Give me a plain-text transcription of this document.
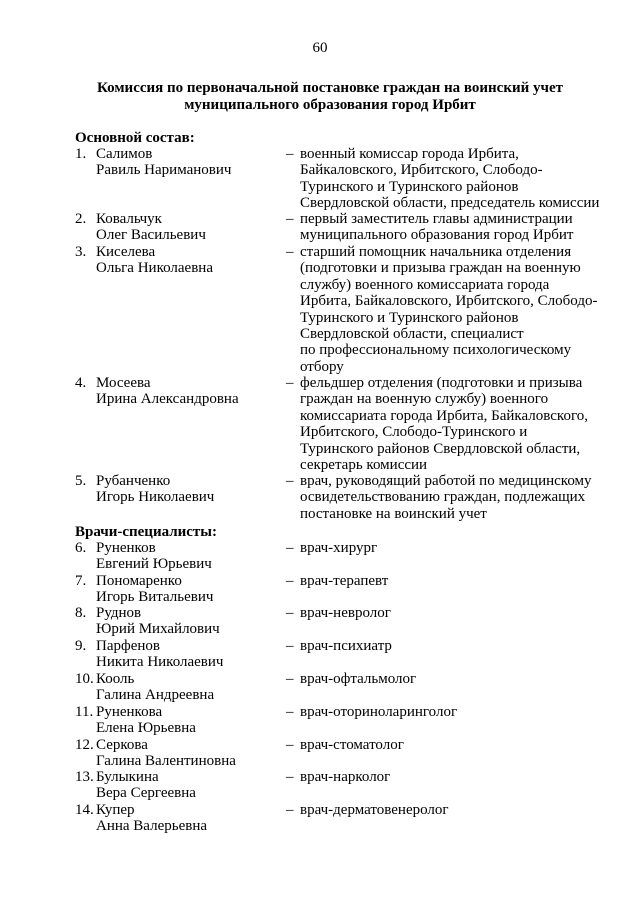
60
Комиссия по первоначальной постановке граждан на воинский учет
муниципального образования город Ирбит
Основной состав:
1. Салимов
Равиль Нариманович
– военный комиссар города Ирбита,
Байкаловского, Ирбитского, Слободо-
Туринского и Туринского районов
Свердловской области, председатель комиссии
2. Ковальчук
Олег Васильевич
– первый заместитель главы администрации
муниципального образования город Ирбит
3. Киселева
Ольга Николаевна
– старший помощник начальника отделения
(подготовки и призыва граждан на военную
службу) военного комиссариата города
Ирбита, Байкаловского, Ирбитского, Слободо-
Туринского и Туринского районов
Свердловской области, специалист
по профессиональному психологическому
отбору
4. Мосеева
Ирина Александровна
– фельдшер отделения (подготовки и призыва
граждан на военную службу) военного
комиссариата города Ирбита, Байкаловского,
Ирбитского, Слободо-Туринского и
Туринского районов Свердловской области,
секретарь комиссии
5. Рубанченко
Игорь Николаевич
– врач, руководящий работой по медицинскому
освидетельствованию граждан, подлежащих
постановке на воинский учет
Врачи-специалисты:
6. Руненков
Евгений Юрьевич
– врач-хирург
7. Пономаренко
Игорь Витальевич
– врач-терапевт
8. Руднов
Юрий Михайлович
– врач-невролог
9. Парфенов
Никита Николаевич
– врач-психиатр
10. Кооль
Галина Андреевна
– врач-офтальмолог
11. Руненкова
Елена Юрьевна
– врач-оториноларинголог
12. Серкова
Галина Валентиновна
– врач-стоматолог
13. Булыкина
Вера Сергеевна
– врач-нарколог
14. Купер
Анна Валерьевна
– врач-дерматовенеролог
